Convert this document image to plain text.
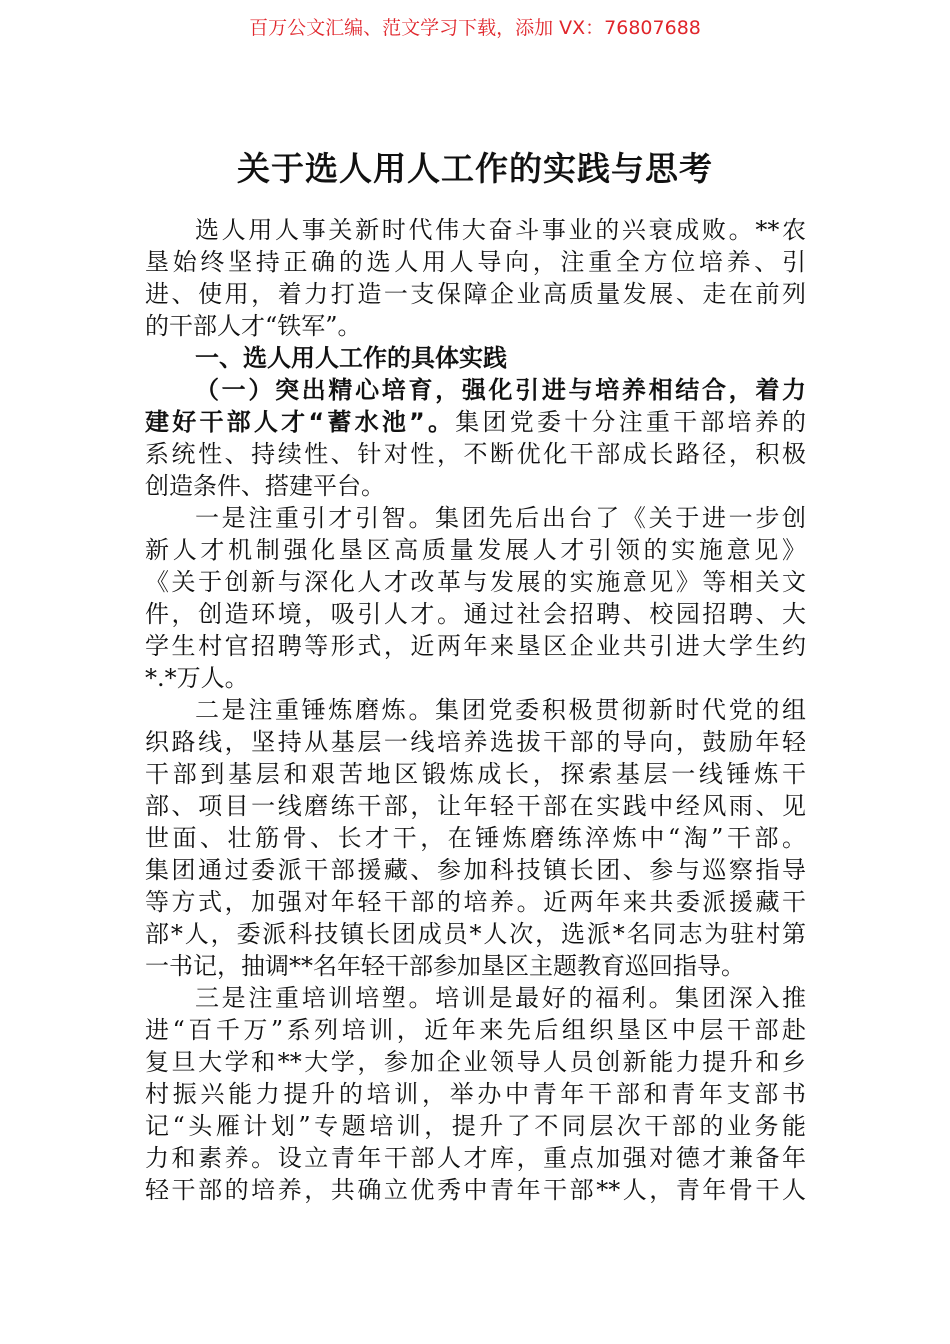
百万公文汇编、范文学习下载，添加 VX：76807688
关于选人用人工作的实践与思考
选人用人事关新时代伟大奋斗事业的兴衰成败。**农
垦始终坚持正确的选人用人导向，注重全方位培养、引
进、使用，着力打造一支保障企业高质量发展、走在前列
的干部人才“铁军”。
一、选人用人工作的具体实践
（一）突出精心培育，强化引进与培养相结合，着力
建好干部人才“蓄水池”。集团党委十分注重干部培养的
系统性、持续性、针对性，不断优化干部成长路径，积极
创造条件、搭建平台。
一是注重引才引智。集团先后出台了《关于进一步创
新人才机制强化垦区高质量发展人才引领的实施意见》
《关于创新与深化人才改革与发展的实施意见》等相关文
件，创造环境，吸引人才。通过社会招聘、校园招聘、大
学生村官招聘等形式，近两年来垦区企业共引进大学生约
*.*万人。
二是注重锤炼磨炼。集团党委积极贯彻新时代党的组
织路线，坚持从基层一线培养选拔干部的导向，鼓励年轻
干部到基层和艰苦地区锻炼成长，探索基层一线锤炼干
部、项目一线磨练干部，让年轻干部在实践中经风雨、见
世面、壮筋骨、长才干，在锤炼磨练淬炼中“淘”干部。
集团通过委派干部援藏、参加科技镇长团、参与巡察指导
等方式，加强对年轻干部的培养。近两年来共委派援藏干
部*人，委派科技镇长团成员*人次，选派*名同志为驻村第
一书记，抽调**名年轻干部参加垦区主题教育巡回指导。
三是注重培训培塑。培训是最好的福利。集团深入推
进“百千万”系列培训，近年来先后组织垦区中层干部赴
复旦大学和**大学，参加企业领导人员创新能力提升和乡
村振兴能力提升的培训，举办中青年干部和青年支部书
记“头雁计划”专题培训，提升了不同层次干部的业务能
力和素养。设立青年干部人才库，重点加强对德才兼备年
轻干部的培养，共确立优秀中青年干部**人，青年骨干人
